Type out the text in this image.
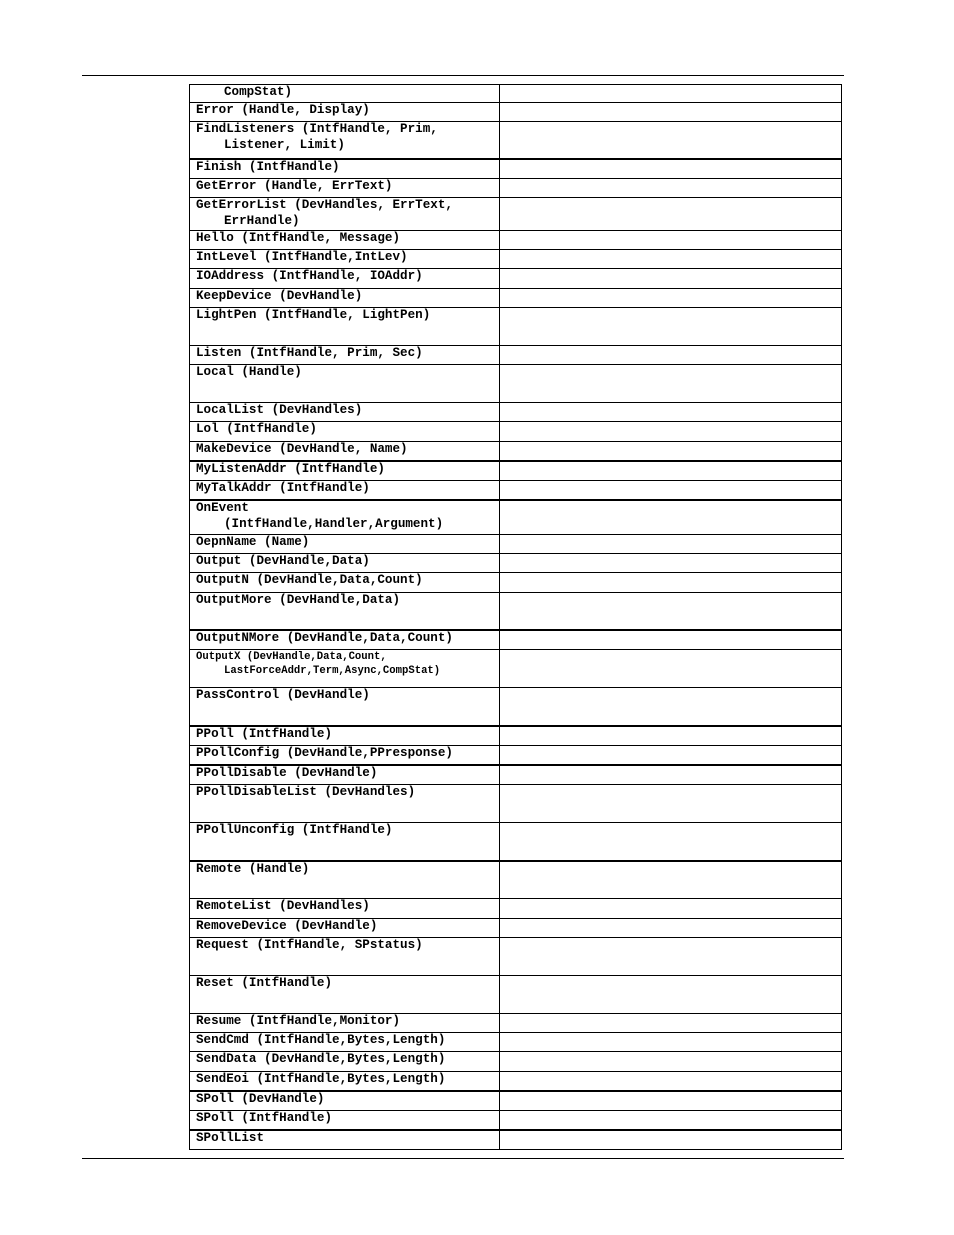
CompStat)	

Error (Handle, Display)	

FindListeners (IntfHandle, Prim,
Listener, Limit)	

Finish (IntfHandle)	

GetError (Handle, ErrText)	

GetErrorList (DevHandles, ErrText,
ErrHandle)	

Hello (IntfHandle, Message)	

IntLevel (IntfHandle,IntLev)	

IOAddress (IntfHandle, IOAddr)	

KeepDevice (DevHandle)	

LightPen (IntfHandle, LightPen)	

Listen (IntfHandle, Prim, Sec)	

Local (Handle)	

LocalList (DevHandles)	

Lol (IntfHandle)	

MakeDevice (DevHandle, Name)	

MyListenAddr (IntfHandle)	

MyTalkAddr (IntfHandle)	

OnEvent
(IntfHandle,Handler,Argument)	

OepnName (Name)	

Output (DevHandle,Data)	

OutputN (DevHandle,Data,Count)	

OutputMore (DevHandle,Data)	

OutputNMore (DevHandle,Data,Count)	

OutputX (DevHandle,Data,Count,
LastForceAddr,Term,Async,CompStat)	

PassControl (DevHandle)	

PPoll (IntfHandle)	

PPollConfig (DevHandle,PPresponse)	

PPollDisable (DevHandle)	

PPollDisableList (DevHandles)	

PPollUnconfig (IntfHandle)	

Remote (Handle)	

RemoteList (DevHandles)	

RemoveDevice (DevHandle)	

Request (IntfHandle, SPstatus)	

Reset (IntfHandle)	

Resume (IntfHandle,Monitor)	

SendCmd (IntfHandle,Bytes,Length)	

SendData (DevHandle,Bytes,Length)	

SendEoi (IntfHandle,Bytes,Length)	

SPoll (DevHandle)	

SPoll (IntfHandle)	

SPollList	
